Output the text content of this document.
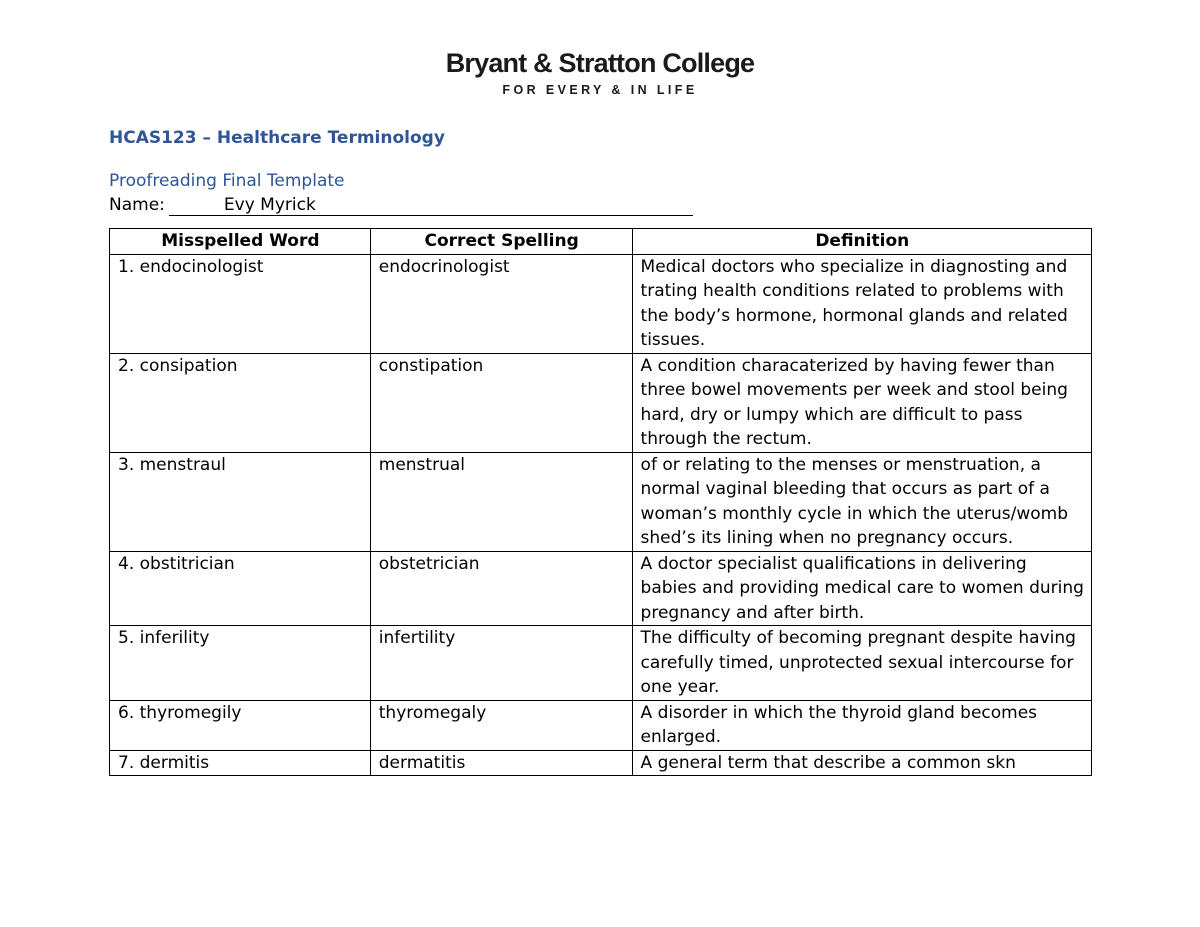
Bryant & Stratton College
FOR EVERY & IN LIFE
HCAS123 – Healthcare Terminology
Proofreading Final Template
Name:	Evy Myrick
Misspelled Word	Correct Spelling	Definition
1. endocinologist	endocrinologist	Medical doctors who specialize in diagnosting and trating health conditions related to problems with the body’s hormone, hormonal glands and related tissues.
2. consipation	constipation	A condition characaterized by having fewer than three bowel movements per week and stool being hard, dry or lumpy which are difficult to pass through the rectum.
3. menstraul	menstrual	of or relating to the menses or menstruation, a normal vaginal bleeding that occurs as part of a woman’s monthly cycle in which the uterus/womb shed’s its lining when no pregnancy occurs.
4. obstitrician	obstetrician	A doctor specialist qualifications in delivering babies and providing medical care to women during pregnancy and after birth.
5. inferility	infertility	The difficulty of becoming pregnant despite having carefully timed, unprotected sexual intercourse for one year.
6. thyromegily	thyromegaly	A disorder in which the thyroid gland becomes enlarged.
7. dermitis	dermatitis	A general term that describe a common skn
